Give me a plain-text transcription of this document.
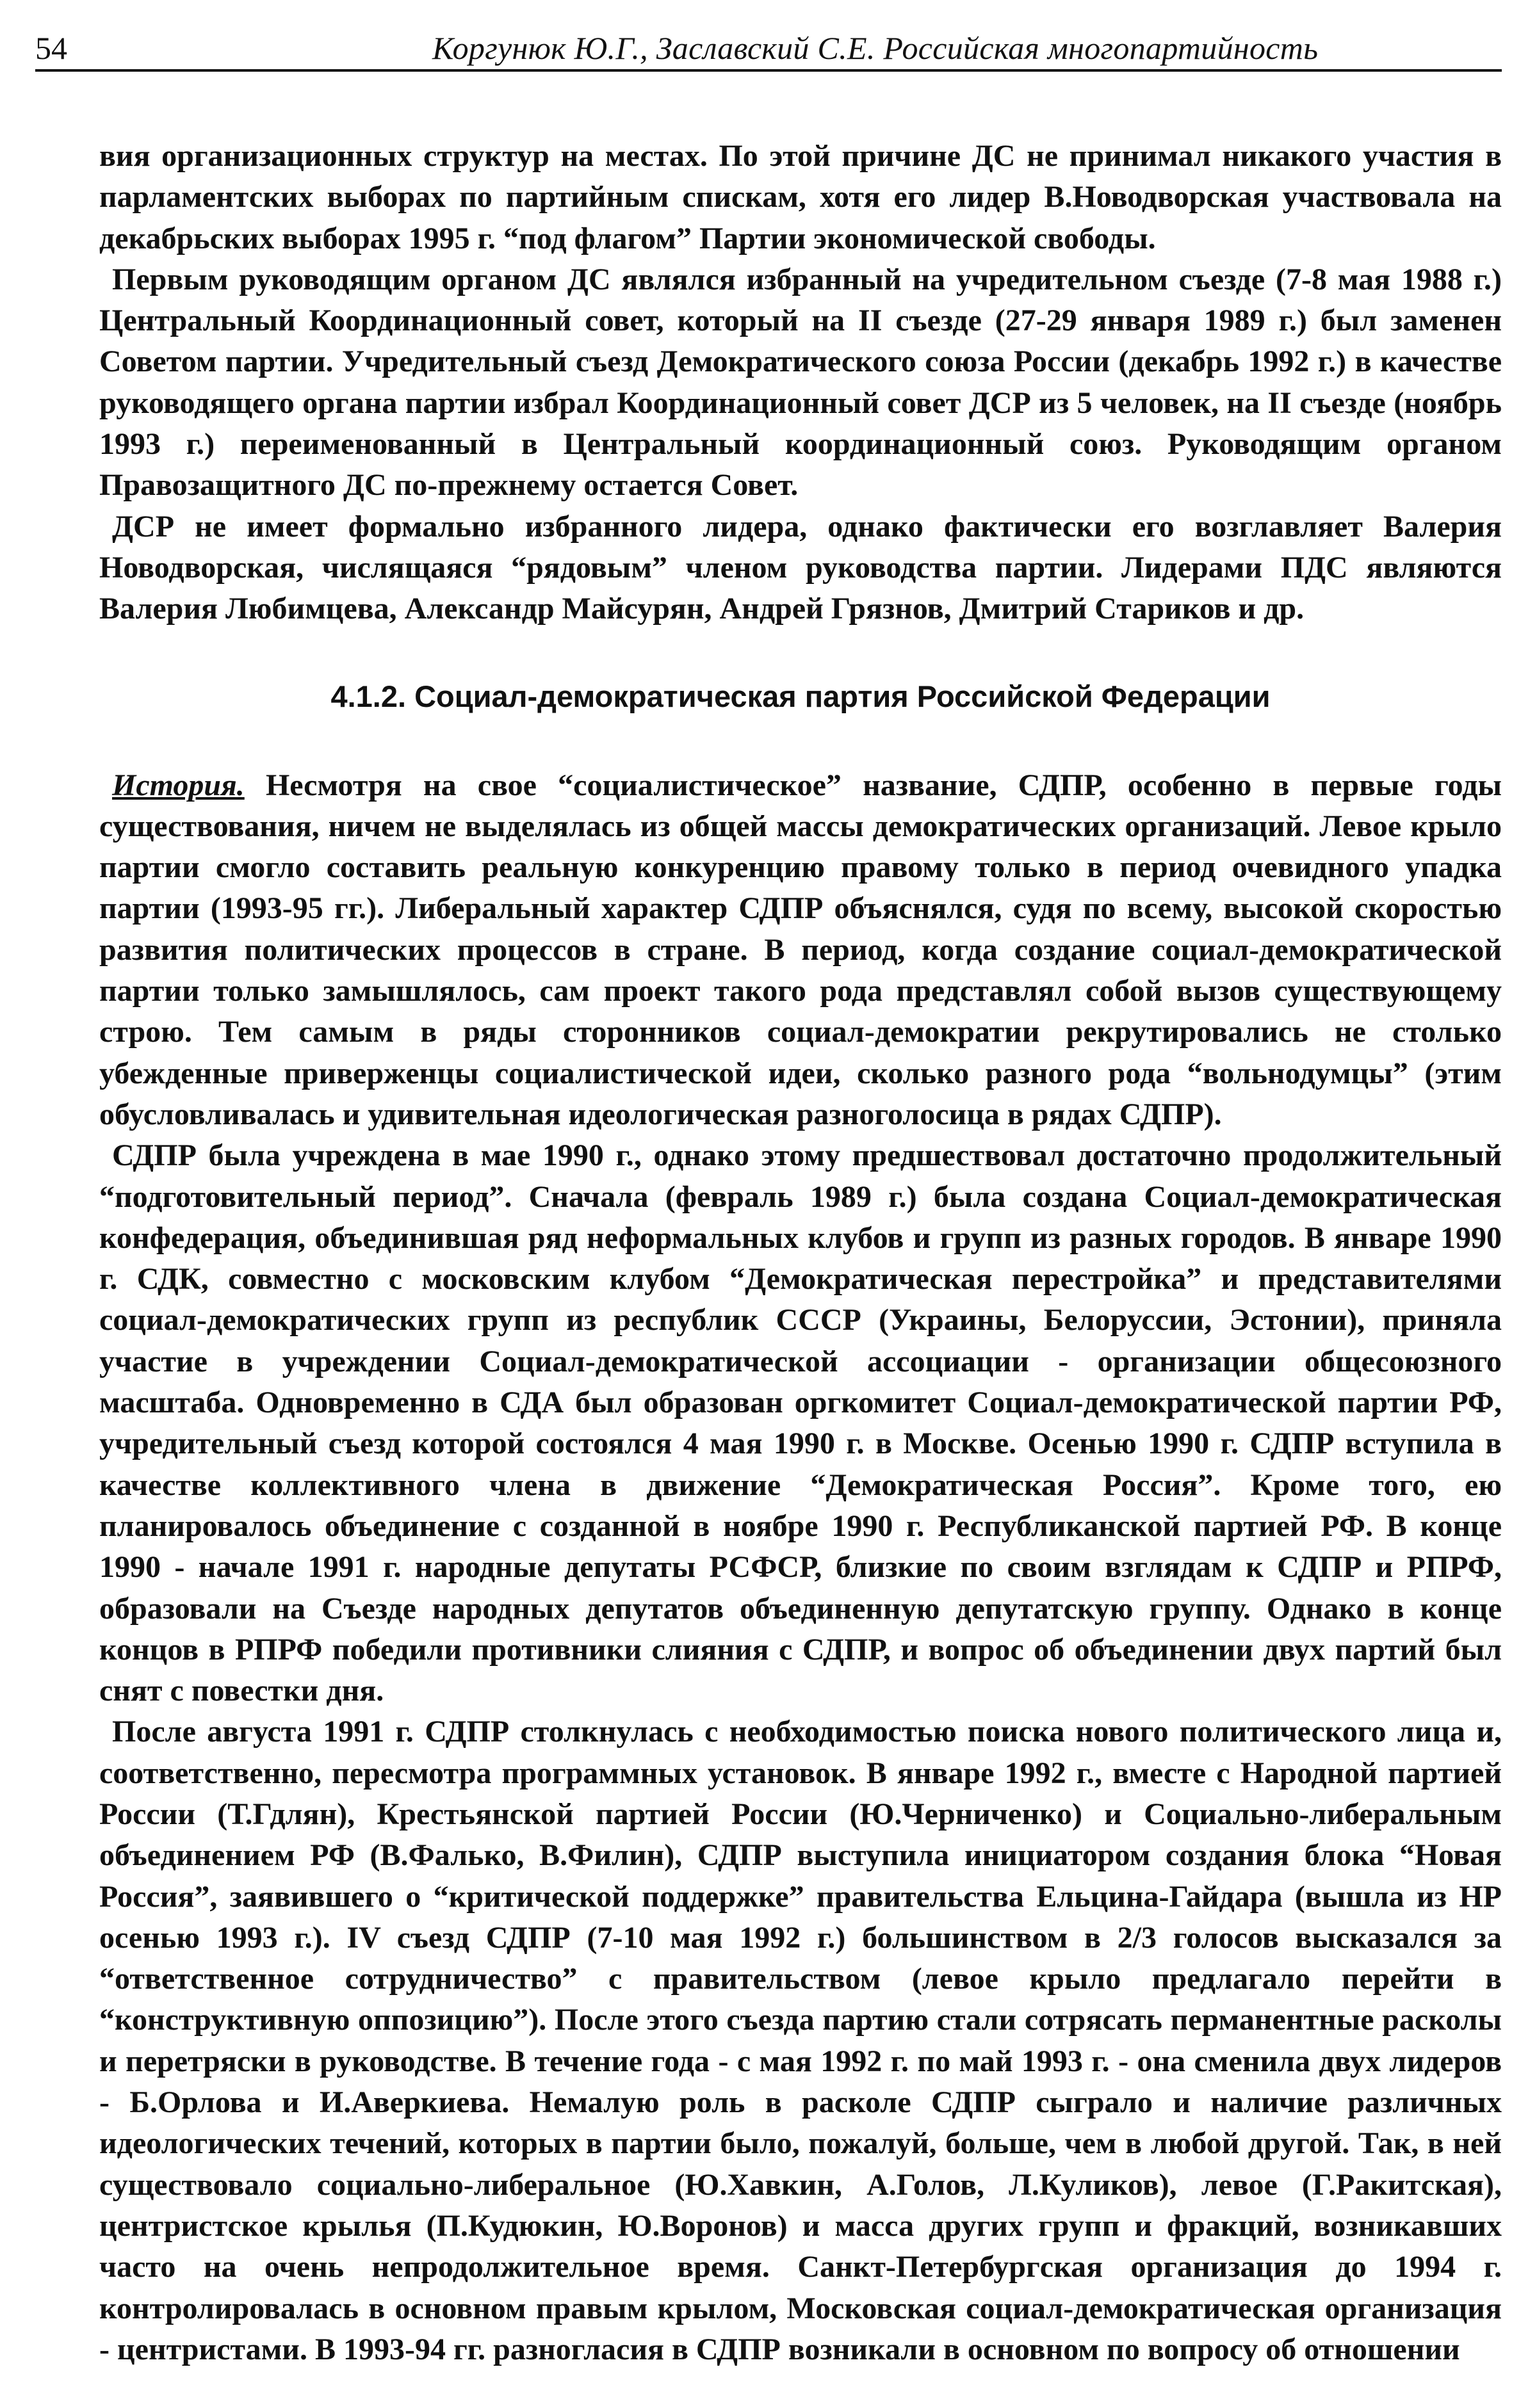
54	Коргунюк Ю.Г., Заславский С.Е. Российская многопартийность

вия организационных структур на местах. По этой причине ДС не принимал никакого участия в парламентских выборах по партийным спискам, хотя его лидер В.Новодворская участвовала на декабрьских выборах 1995 г. “под флагом” Партии экономической свободы.

Первым руководящим органом ДС являлся избранный на учредительном съезде (7-8 мая 1988 г.) Центральный Координационный совет, который на II съезде (27-29 января 1989 г.) был заменен Советом партии. Учредительный съезд Демократического союза России (декабрь 1992 г.) в качестве руководящего органа партии избрал Координационный совет ДСР из 5 человек, на II съезде (ноябрь 1993 г.) переименованный в Центральный координационный союз. Руководящим органом Правозащитного ДС по-прежнему остается Совет.

ДСР не имеет формально избранного лидера, однако фактически его возглавляет Валерия Новодворская, числящаяся “рядовым” членом руководства партии. Лидерами ПДС являются Валерия Любимцева, Александр Майсурян, Андрей Грязнов, Дмитрий Стариков и др.

4.1.2. Социал-демократическая партия Российской Федерации

История. Несмотря на свое “социалистическое” название, СДПР, особенно в первые годы существования, ничем не выделялась из общей массы демократических организаций. Левое крыло партии смогло составить реальную конкуренцию правому только в период очевидного упадка партии (1993-95 гг.). Либеральный характер СДПР объяснялся, судя по всему, высокой скоростью развития политических процессов в стране. В период, когда создание социал-демократической партии только замышлялось, сам проект такого рода представлял собой вызов существующему строю. Тем самым в ряды сторонников социал-демократии рекрутировались не столько убежденные приверженцы социалистической идеи, сколько разного рода “вольнодумцы” (этим обусловливалась и удивительная идеологическая разноголосица в рядах СДПР).

СДПР была учреждена в мае 1990 г., однако этому предшествовал достаточно продолжительный “подготовительный период”. Сначала (февраль 1989 г.) была создана Социал-демократическая конфедерация, объединившая ряд неформальных клубов и групп из разных городов. В январе 1990 г. СДК, совместно с московским клубом “Демократическая перестройка” и представителями социал-демократических групп из республик СССР (Украины, Белоруссии, Эстонии), приняла участие в учреждении Социал-демократической ассоциации - организации общесоюзного масштаба. Одновременно в СДА был образован оргкомитет Социал-демократической партии РФ, учредительный съезд которой состоялся 4 мая 1990 г. в Москве. Осенью 1990 г. СДПР вступила в качестве коллективного члена в движение “Демократическая Россия”. Кроме того, ею планировалось объединение с созданной в ноябре 1990 г. Республиканской партией РФ. В конце 1990 - начале 1991 г. народные депутаты РСФСР, близкие по своим взглядам к СДПР и РПРФ, образовали на Съезде народных депутатов объединенную депутатскую группу. Однако в конце концов в РПРФ победили противники слияния с СДПР, и вопрос об объединении двух партий был снят с повестки дня.

После августа 1991 г. СДПР столкнулась с необходимостью поиска нового политического лица и, соответственно, пересмотра программных установок. В январе 1992 г., вместе с Народной партией России (Т.Гдлян), Крестьянской партией России (Ю.Черниченко) и Социально-либеральным объединением РФ (В.Фалько, В.Филин), СДПР выступила инициатором создания блока “Новая Россия”, заявившего о “критической поддержке” правительства Ельцина-Гайдара (вышла из НР осенью 1993 г.). IV съезд СДПР (7-10 мая 1992 г.) большинством в 2/3 голосов высказался за “ответственное сотрудничество” с правительством (левое крыло предлагало перейти в “конструктивную оппозицию”). После этого съезда партию стали сотрясать перманентные расколы и перетряски в руководстве. В течение года - с мая 1992 г. по май 1993 г. - она сменила двух лидеров - Б.Орлова и И.Аверкиева. Немалую роль в расколе СДПР сыграло и наличие различных идеологических течений, которых в партии было, пожалуй, больше, чем в любой другой. Так, в ней существовало социально-либеральное (Ю.Хавкин, А.Голов, Л.Куликов), левое (Г.Ракитская), центристское крылья (П.Кудюкин, Ю.Воронов) и масса других групп и фракций, возникавших часто на очень непродолжительное время. Санкт-Петербургская организация до 1994 г. контролировалась в основном правым крылом, Московская социал-демократическая организация - центристами. В 1993-94 гг. разногласия в СДПР возникали в основном по вопросу об отношении
